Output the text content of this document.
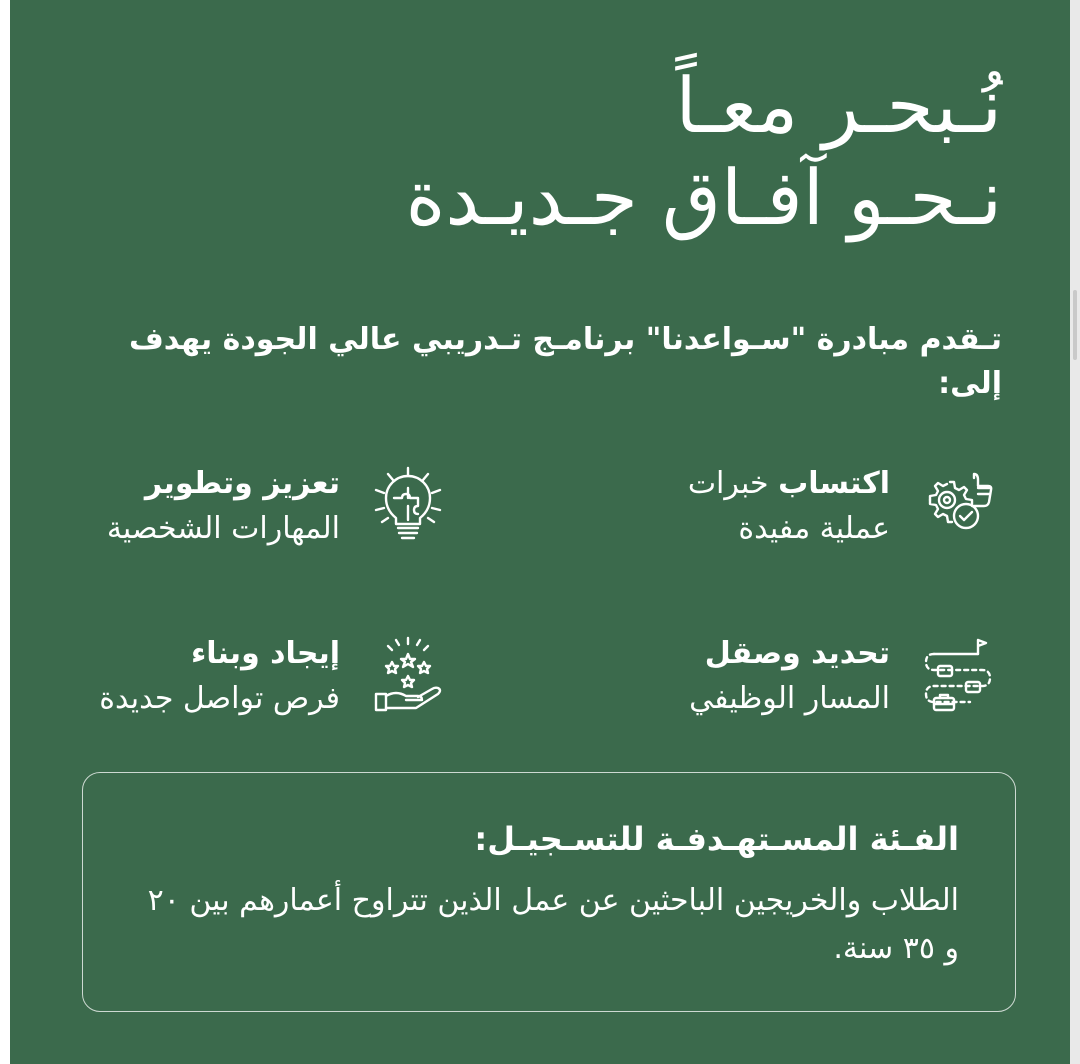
نُـبحـر معـاً
نـحـو آفـاق جـديـدة

تـقدم مبادرة "سـواعدنا" برنامـج تـدريبي عالي الجودة يهدف إلى:

اكتساب خبرات
عملية مفيدة
تعزيز وتطوير
المهارات الشخصية
تحديد وصقل
المسار الوظيفي
إيجاد وبناء
فرص تواصل جديدة

الفـئة المسـتهـدفـة للتسـجيـل:

الطلاب والخريجين الباحثين عن عمل الذين تتراوح أعمارهم بين ٢٠ و ٣٥ سنة.
